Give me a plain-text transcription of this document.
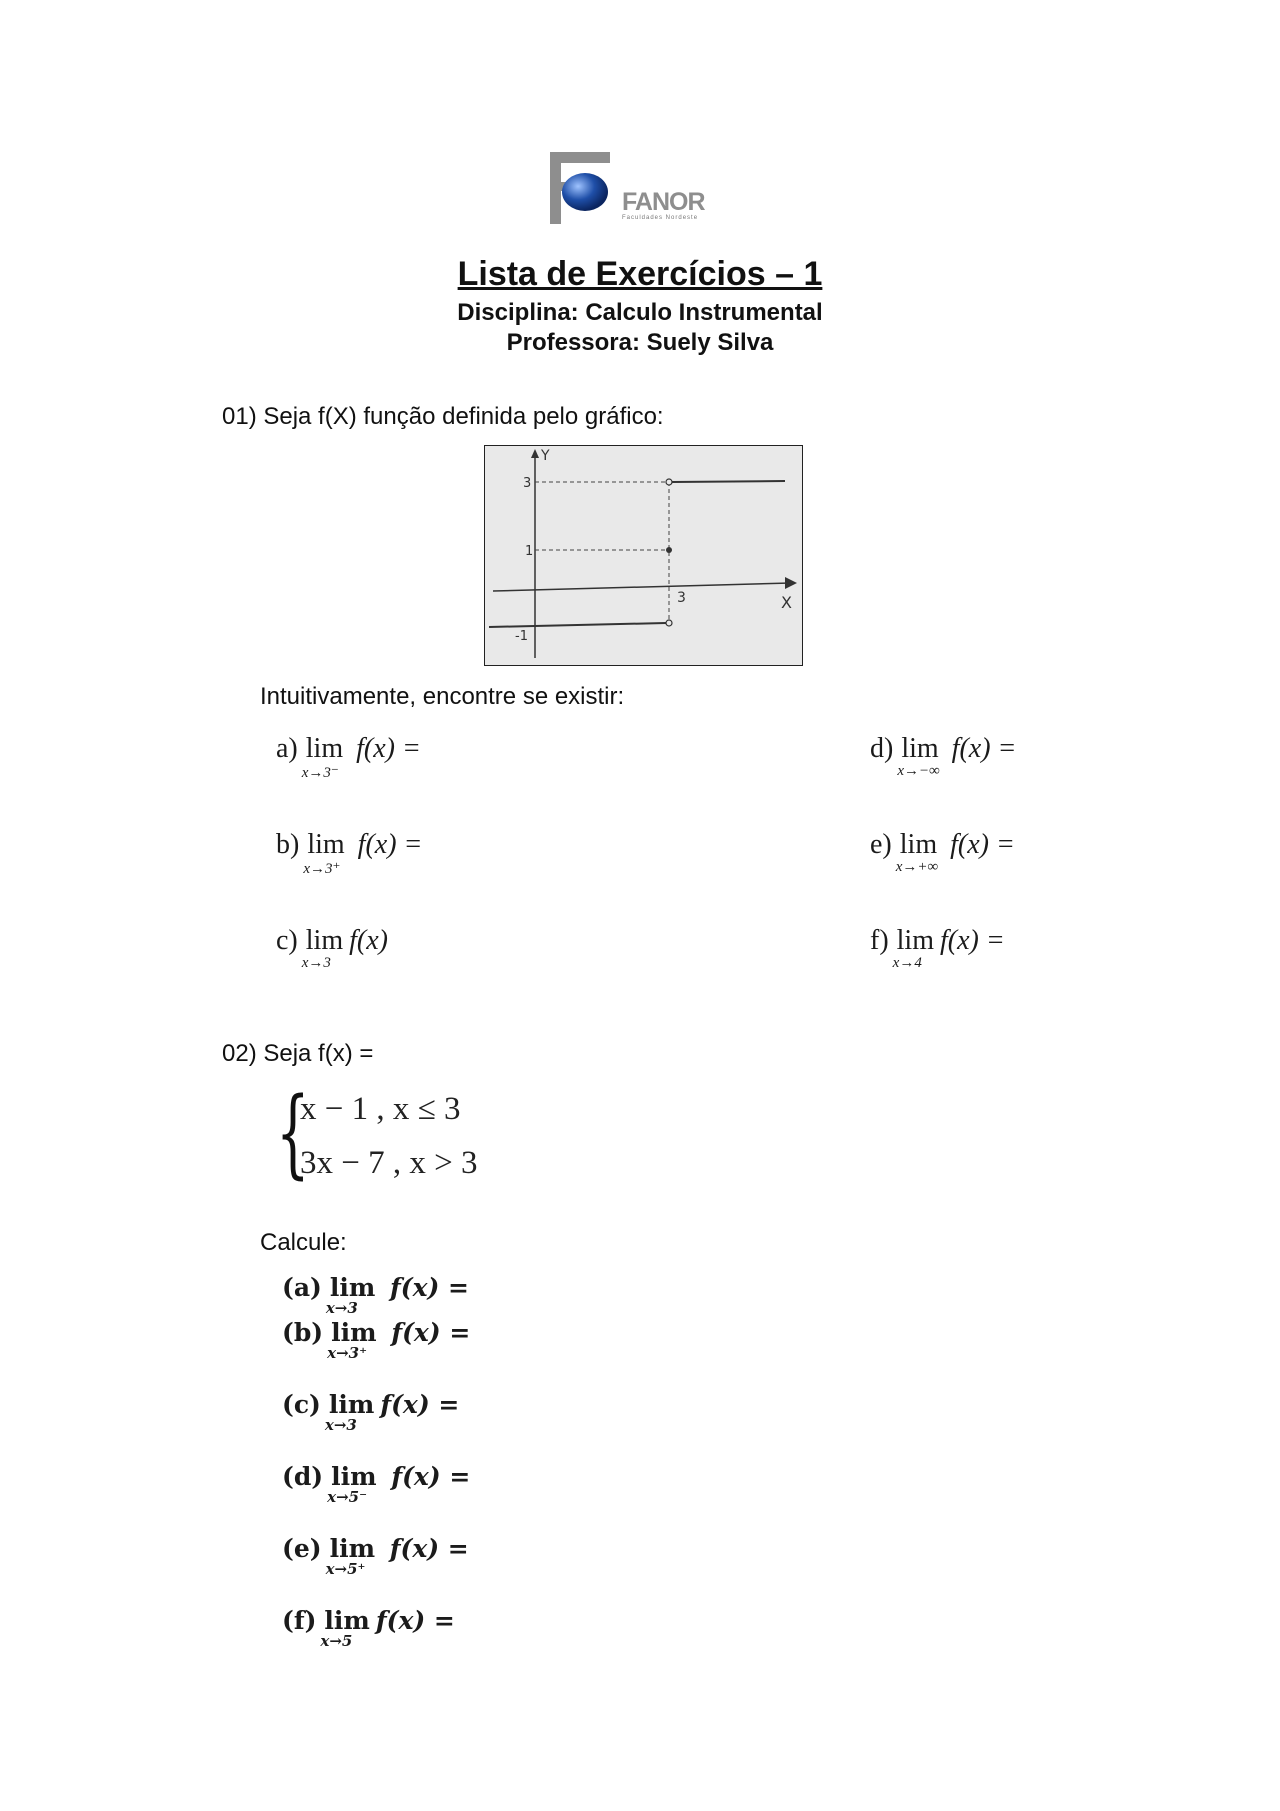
FANOR
Faculdades Nordeste
Lista de Exercícios – 1
Disciplina: Calculo Instrumental
Professora: Suely Silva
01) Seja f(X) função definida pelo gráfico:
Y
X
3
1
-1
3
Intuitivamente, encontre se existir:
a) lim
x→3⁻
f(x) =
b) lim
x→3⁺
f(x) =
c) lim
x→3
f(x)
d) lim
x→−∞
f(x) =
e) lim
x→+∞
f(x) =
f) lim
x→4
f(x) =
02) Seja f(x) =
{
x − 1 , x ≤ 3
3x − 7 , x > 3
Calcule:
(a) lim
x→3
f(x) =
(b) lim
x→3⁺
f(x) =
(c) lim
x→3
f(x) =
(d) lim
x→5⁻
f(x) =
(e) lim
x→5⁺
f(x) =
(f) lim
x→5
f(x) =
